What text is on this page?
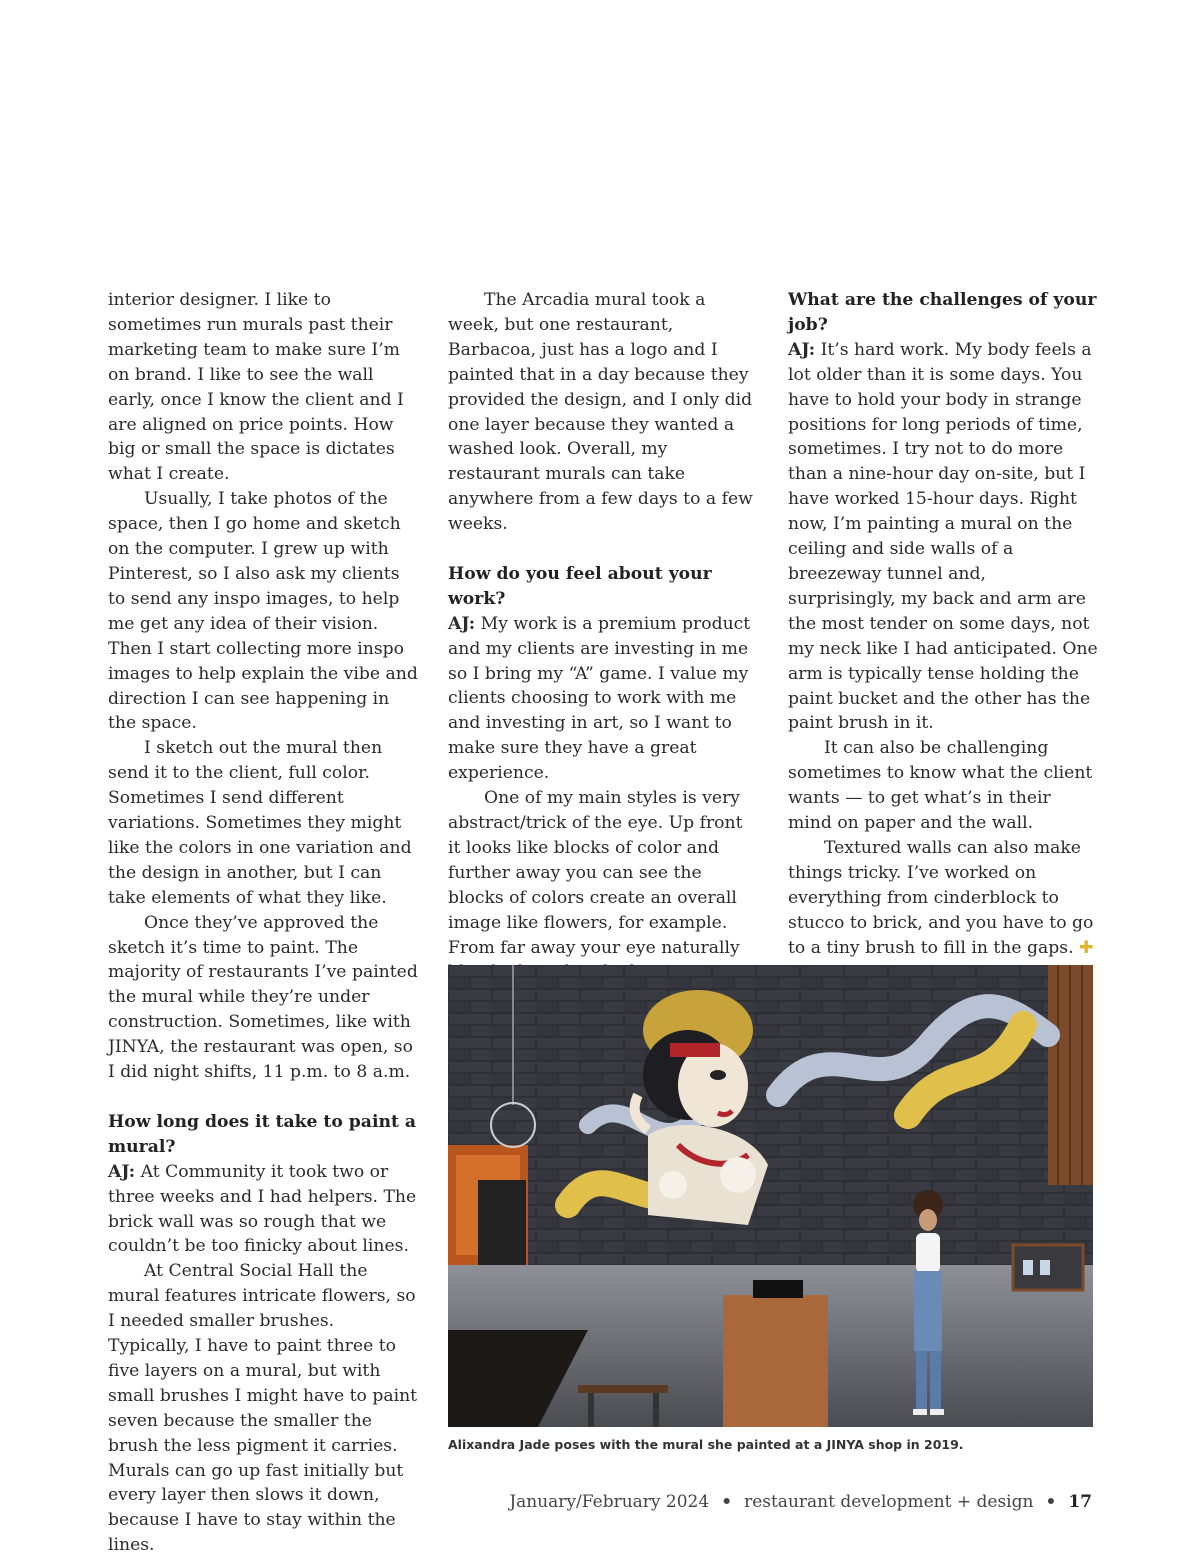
interior designer. I like to sometimes run murals past their marketing team to make sure I’m on brand. I like to see the wall early, once I know the client and I are aligned on price points. How big or small the space is dictates what I create.

Usually, I take photos of the space, then I go home and sketch on the computer. I grew up with Pinterest, so I also ask my clients to send any inspo images, to help me get any idea of their vision. Then I start collecting more inspo images to help explain the vibe and direction I can see happening in the space.

I sketch out the mural then send it to the client, full color. Sometimes I send different variations. Sometimes they might like the colors in one variation and the design in another, but I can take elements of what they like.

Once they’ve approved the sketch it’s time to paint. The majority of restaurants I’ve painted the mural while they’re under construction. Sometimes, like with JINYA, the restaurant was open, so I did night shifts, 11 p.m. to 8 a.m.

How long does it take to paint a mural?

AJ: At Community it took two or three weeks and I had helpers. The brick wall was so rough that we couldn’t be too finicky about lines.

At Central Social Hall the mural features intricate flowers, so I needed smaller brushes. Typically, I have to paint three to five layers on a mural, but with small brushes I might have to paint seven because the smaller the brush the less pigment it carries. Murals can go up fast initially but every layer then slows it down, because I have to stay within the lines.

The Arcadia mural took a week, but one restaurant, Barbacoa, just has a logo and I painted that in a day because they provided the design, and I only did one layer because they wanted a washed look. Overall, my restaurant murals can take anywhere from a few days to a few weeks.

How do you feel about your work?

AJ: My work is a premium product and my clients are investing in me so I bring my “A” game. I value my clients choosing to work with me and investing in art, so I want to make sure they have a great experience.

One of my main styles is very abstract/trick of the eye. Up front it looks like blocks of color and further away you can see the blocks of colors create an overall image like flowers, for example. From far away your eye naturally

What are the challenges of your job?

AJ: It’s hard work. My body feels a lot older than it is some days. You have to hold your body in strange positions for long periods of time, sometimes. I try not to do more than a nine-hour day on-site, but I have worked 15-hour days. Right now, I’m painting a mural on the ceiling and side walls of a breezeway tunnel and, surprisingly, my back and arm are the most tender on some days, not my neck like I had anticipated. One arm is typically tense holding the paint bucket and the other has the paint brush in it.

It can also be challenging sometimes to know what the client wants — to get what’s in their mind on paper and the wall.

Textured walls can also make things tricky. I’ve worked on everything from cinderblock to stucco to brick, and you have to go to a tiny brush to fill in the gaps. ✚

Alixandra Jade poses with the mural she painted at a JINYA shop in 2019.
January/February 2024 • restaurant development + design • 17
